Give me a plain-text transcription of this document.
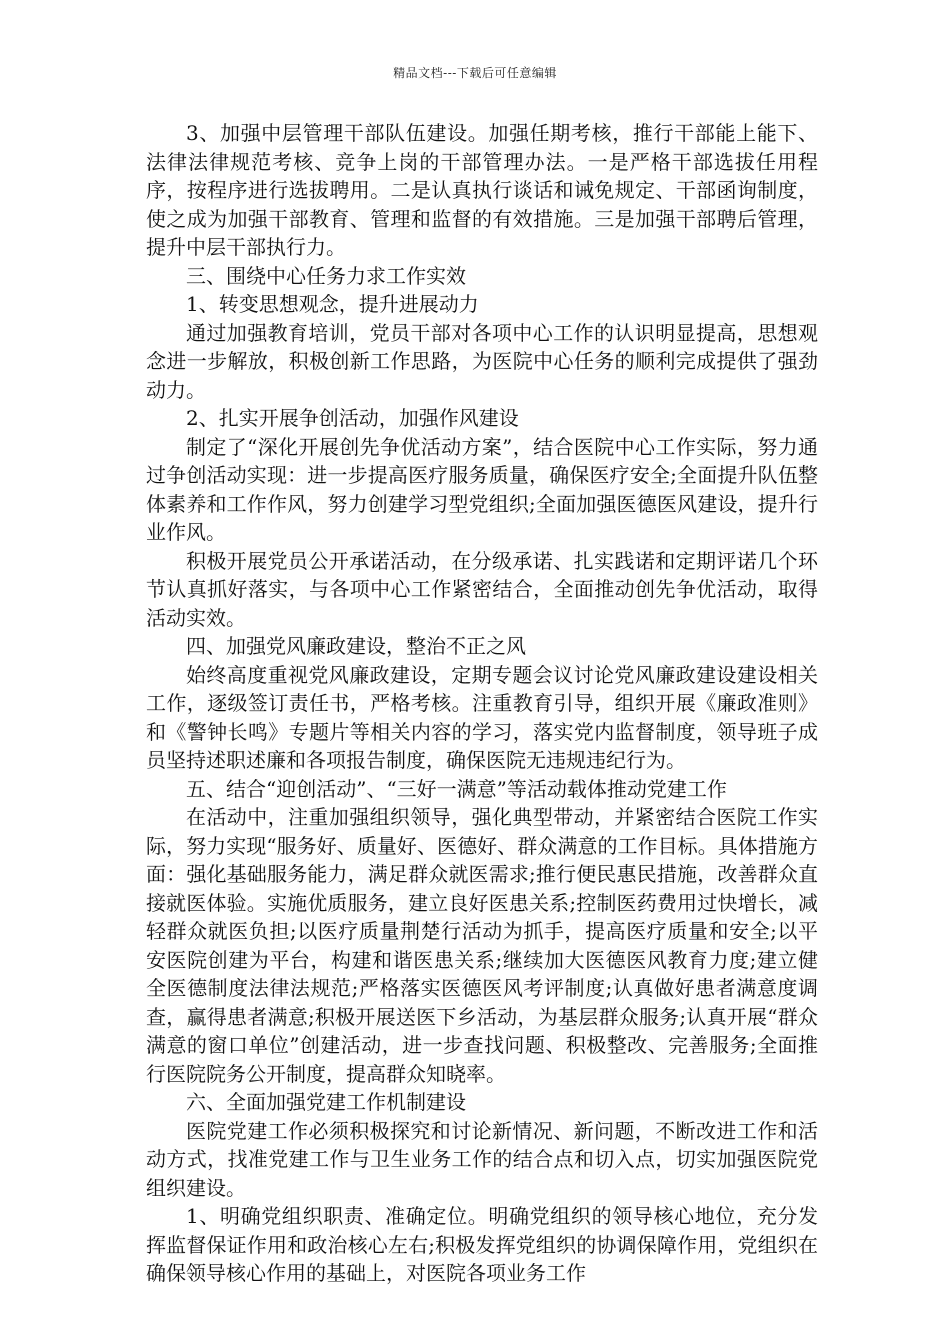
精品文档---下载后可任意编辑

3、加强中层管理干部队伍建设。加强任期考核，推行干部能上能下、法律法律规范考核、竞争上岗的干部管理办法。一是严格干部选拔任用程序，按程序进行选拔聘用。二是认真执行谈话和诫免规定、干部函询制度，使之成为加强干部教育、管理和监督的有效措施。三是加强干部聘后管理，提升中层干部执行力。

三、围绕中心任务力求工作实效

1、转变思想观念，提升进展动力

通过加强教育培训，党员干部对各项中心工作的认识明显提高，思想观念进一步解放，积极创新工作思路，为医院中心任务的顺利完成提供了强劲动力。

2、扎实开展争创活动，加强作风建设

制定了“深化开展创先争优活动方案”，结合医院中心工作实际，努力通过争创活动实现：进一步提高医疗服务质量，确保医疗安全;全面提升队伍整体素养和工作作风，努力创建学习型党组织;全面加强医德医风建设，提升行业作风。

积极开展党员公开承诺活动，在分级承诺、扎实践诺和定期评诺几个环节认真抓好落实，与各项中心工作紧密结合，全面推动创先争优活动，取得活动实效。

四、加强党风廉政建设，整治不正之风

始终高度重视党风廉政建设，定期专题会议讨论党风廉政建设建设相关工作，逐级签订责任书，严格考核。注重教育引导，组织开展《廉政准则》和《警钟长鸣》专题片等相关内容的学习，落实党内监督制度，领导班子成员坚持述职述廉和各项报告制度，确保医院无违规违纪行为。

五、结合“迎创活动”、“三好一满意”等活动载体推动党建工作

在活动中，注重加强组织领导，强化典型带动，并紧密结合医院工作实际，努力实现“服务好、质量好、医德好、群众满意的工作目标。具体措施方面：强化基础服务能力，满足群众就医需求;推行便民惠民措施，改善群众直接就医体验。实施优质服务，建立良好医患关系;控制医药费用过快增长，减轻群众就医负担;以医疗质量荆楚行活动为抓手，提高医疗质量和安全;以平安医院创建为平台，构建和谐医患关系;继续加大医德医风教育力度;建立健全医德制度法律法规范;严格落实医德医风考评制度;认真做好患者满意度调查，赢得患者满意;积极开展送医下乡活动，为基层群众服务;认真开展“群众满意的窗口单位”创建活动，进一步查找问题、积极整改、完善服务;全面推行医院院务公开制度，提高群众知晓率。

六、全面加强党建工作机制建设

医院党建工作必须积极探究和讨论新情况、新问题，不断改进工作和活动方式，找准党建工作与卫生业务工作的结合点和切入点，切实加强医院党组织建设。

1、明确党组织职责、准确定位。明确党组织的领导核心地位，充分发挥监督保证作用和政治核心左右;积极发挥党组织的协调保障作用，党组织在确保领导核心作用的基础上，对医院各项业务工作
